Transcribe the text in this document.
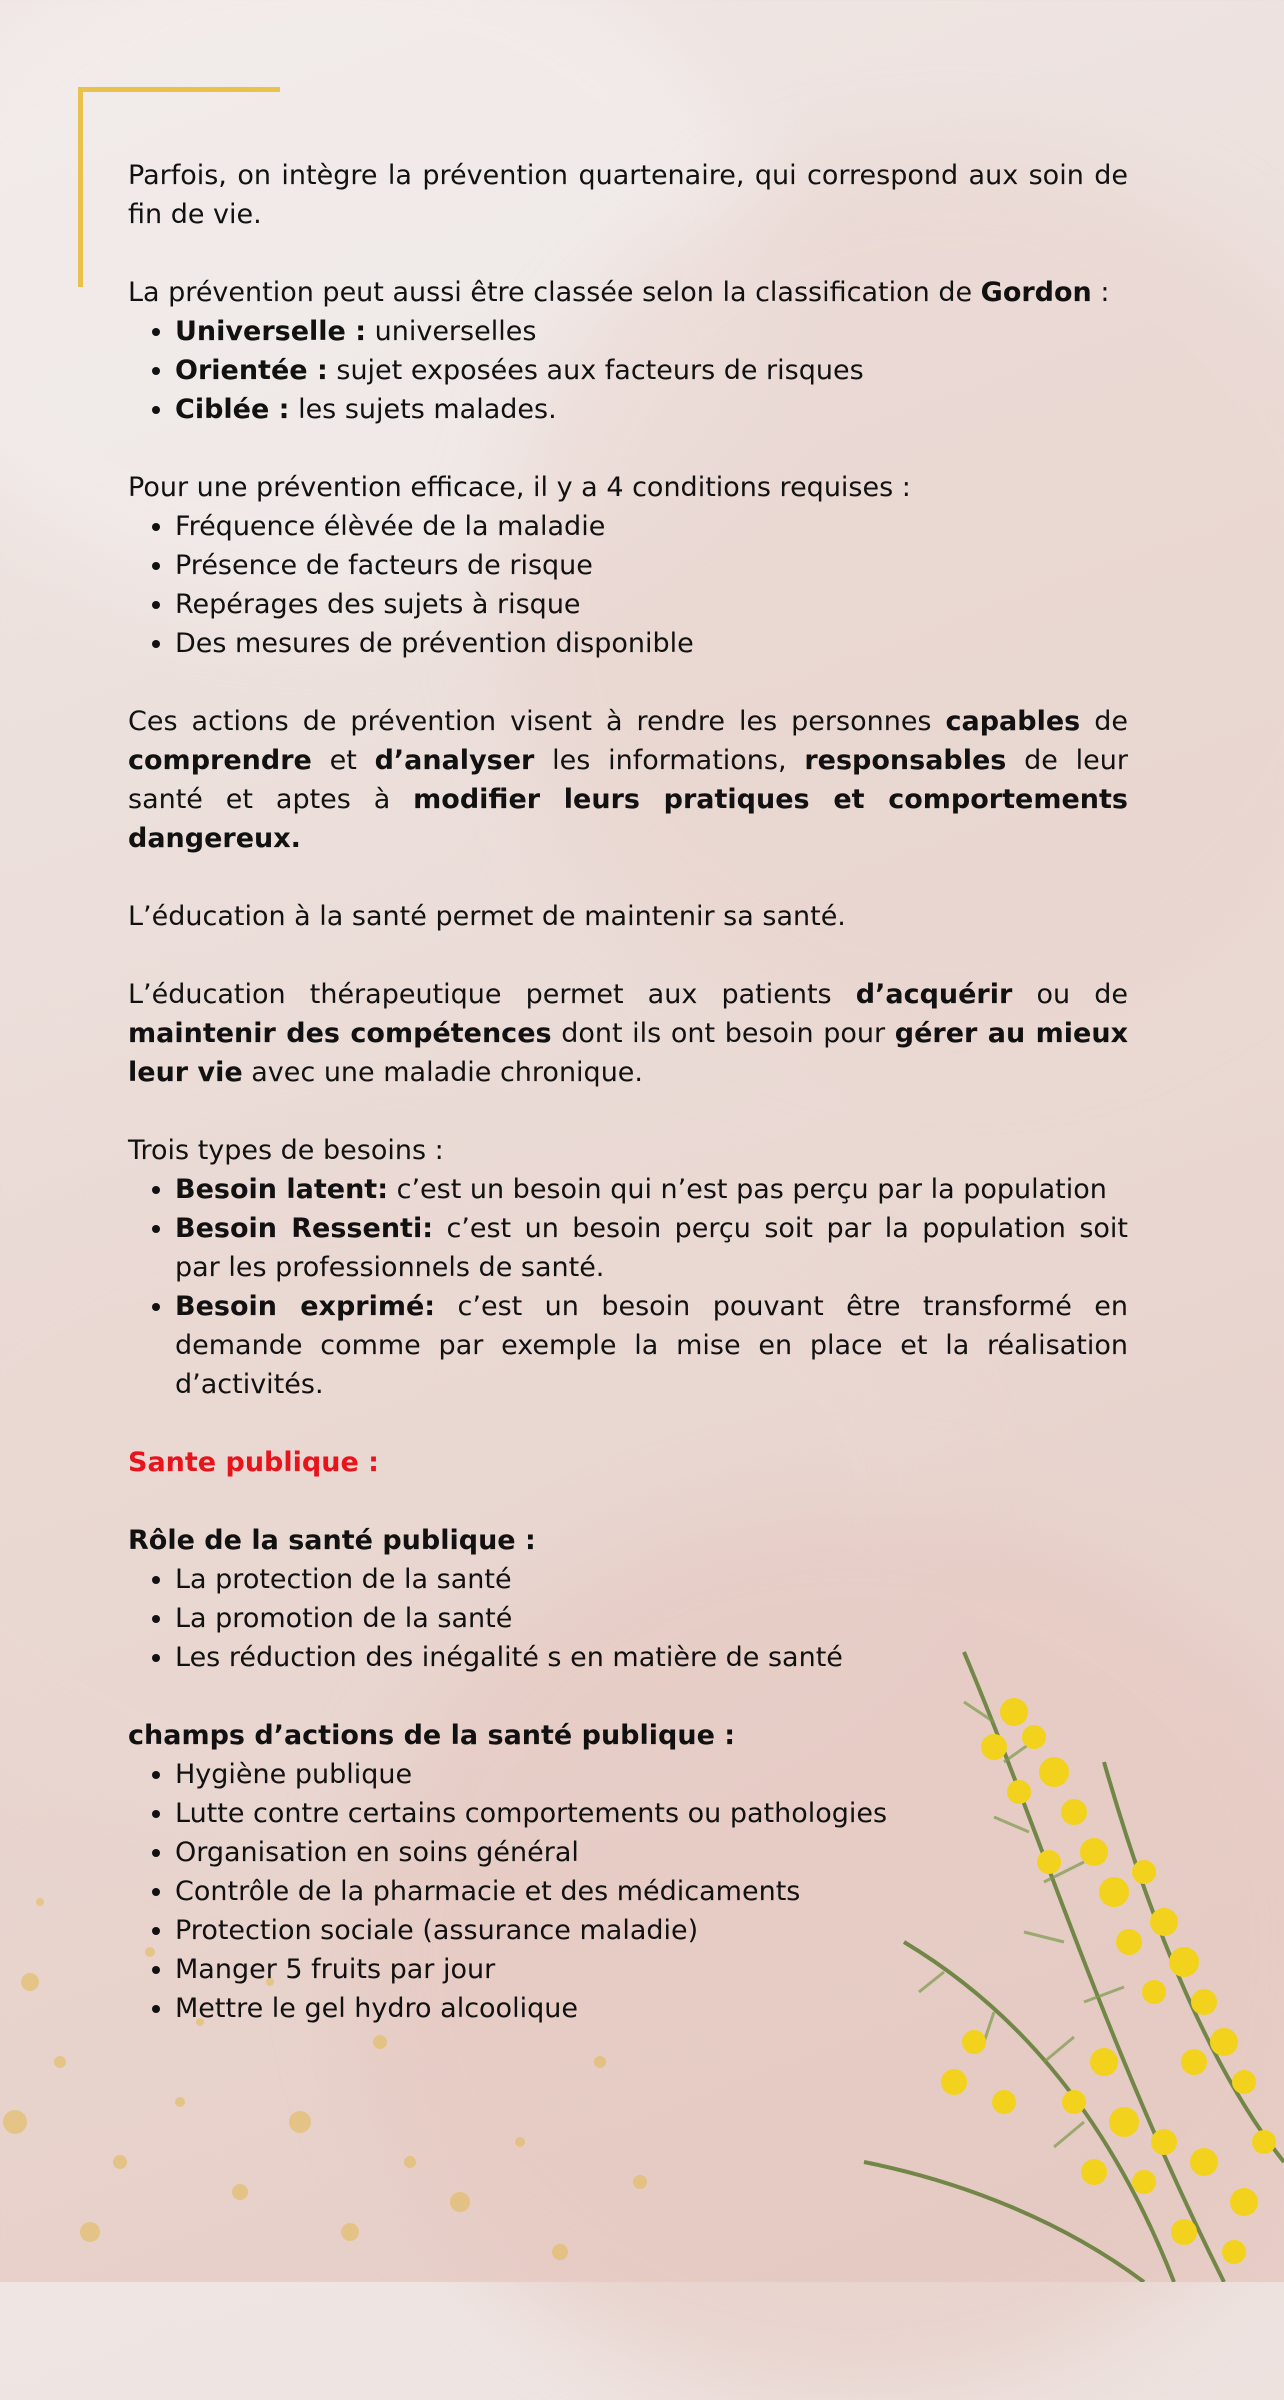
Parfois, on intègre la prévention quartenaire, qui correspond aux soin de fin de vie.

La prévention peut aussi être classée selon la classification de Gordon :
• Universelle : universelles
• Orientée : sujet exposées aux facteurs de risques
• Ciblée : les sujets malades.
Pour une prévention efficace, il y a 4 conditions requises :
• Fréquence élèvée de la maladie
• Présence de facteurs de risque
• Repérages des sujets à risque
• Des mesures de prévention disponible

Ces actions de prévention visent à rendre les personnes capables de comprendre et d’analyser les informations, responsables de leur santé et aptes à modifier leurs pratiques et comportements dangereux.

L’éducation à la santé permet de maintenir sa santé.

L’éducation thérapeutique permet aux patients d’acquérir ou de maintenir des compétences dont ils ont besoin pour gérer au mieux leur vie avec une maladie chronique.

Trois types de besoins :
• Besoin latent: c’est un besoin qui n’est pas perçu par la population
• Besoin Ressenti: c’est un besoin perçu soit par la population soit par les professionnels de santé.
• Besoin exprimé: c’est un besoin pouvant être transformé en demande comme par exemple la mise en place et la réalisation d’activités.

Sante publique :

Rôle de la santé publique :
• La protection de la santé
• La promotion de la santé
• Les réduction des inégalité s en matière de santé
champs d’actions de la santé publique :
• Hygiène publique
• Lutte contre certains comportements ou pathologies
• Organisation en soins général
• Contrôle de la pharmacie et des médicaments
• Protection sociale (assurance maladie)
• Manger 5 fruits par jour
• Mettre le gel hydro alcoolique
